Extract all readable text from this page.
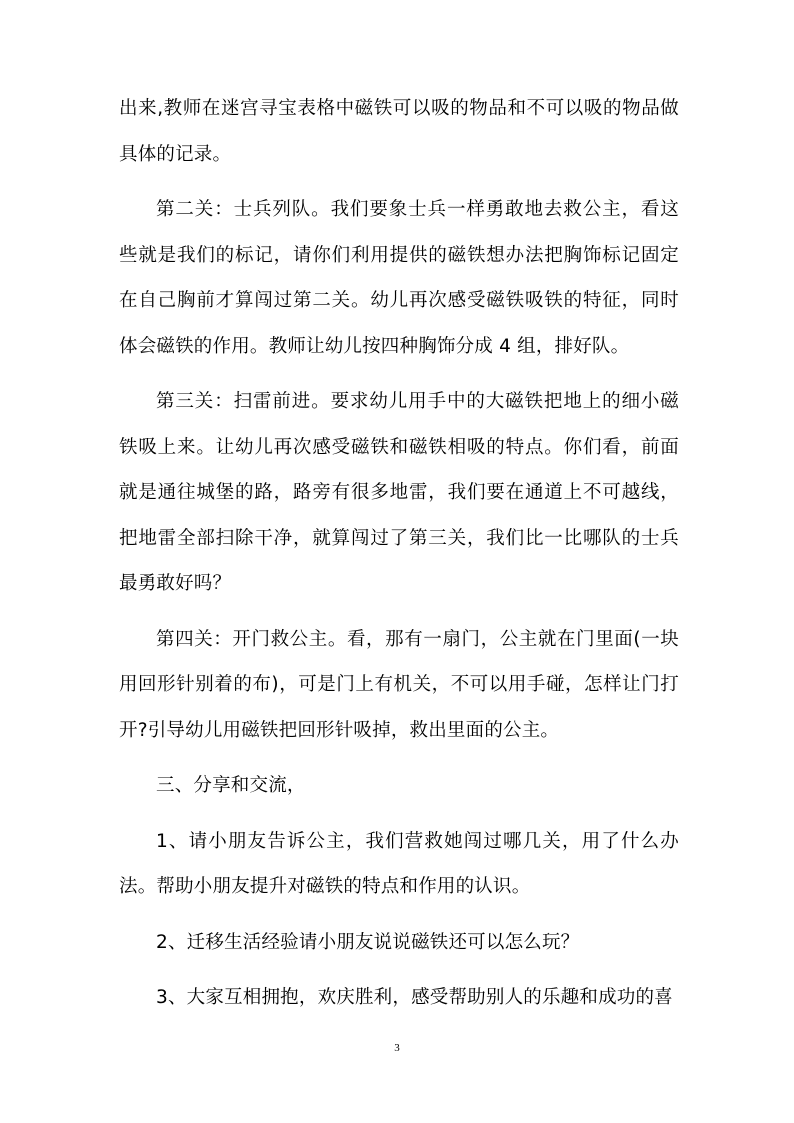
出来,教师在迷宫寻宝表格中磁铁可以吸的物品和不可以吸的物品做具体的记录。

第二关：士兵列队。我们要象士兵一样勇敢地去救公主，看这些就是我们的标记，请你们利用提供的磁铁想办法把胸饰标记固定在自己胸前才算闯过第二关。幼儿再次感受磁铁吸铁的特征，同时体会磁铁的作用。教师让幼儿按四种胸饰分成 4 组，排好队。

第三关：扫雷前进。要求幼儿用手中的大磁铁把地上的细小磁铁吸上来。让幼儿再次感受磁铁和磁铁相吸的特点。你们看，前面就是通往城堡的路，路旁有很多地雷，我们要在通道上不可越线，把地雷全部扫除干净，就算闯过了第三关，我们比一比哪队的士兵最勇敢好吗？

第四关：开门救公主。看，那有一扇门，公主就在门里面(一块用回形针别着的布)，可是门上有机关，不可以用手碰，怎样让门打开?引导幼儿用磁铁把回形针吸掉，救出里面的公主。

三、分享和交流，

1、请小朋友告诉公主，我们营救她闯过哪几关，用了什么办法。帮助小朋友提升对磁铁的特点和作用的认识。

2、迁移生活经验请小朋友说说磁铁还可以怎么玩？

3、大家互相拥抱，欢庆胜利，感受帮助别人的乐趣和成功的喜

3
